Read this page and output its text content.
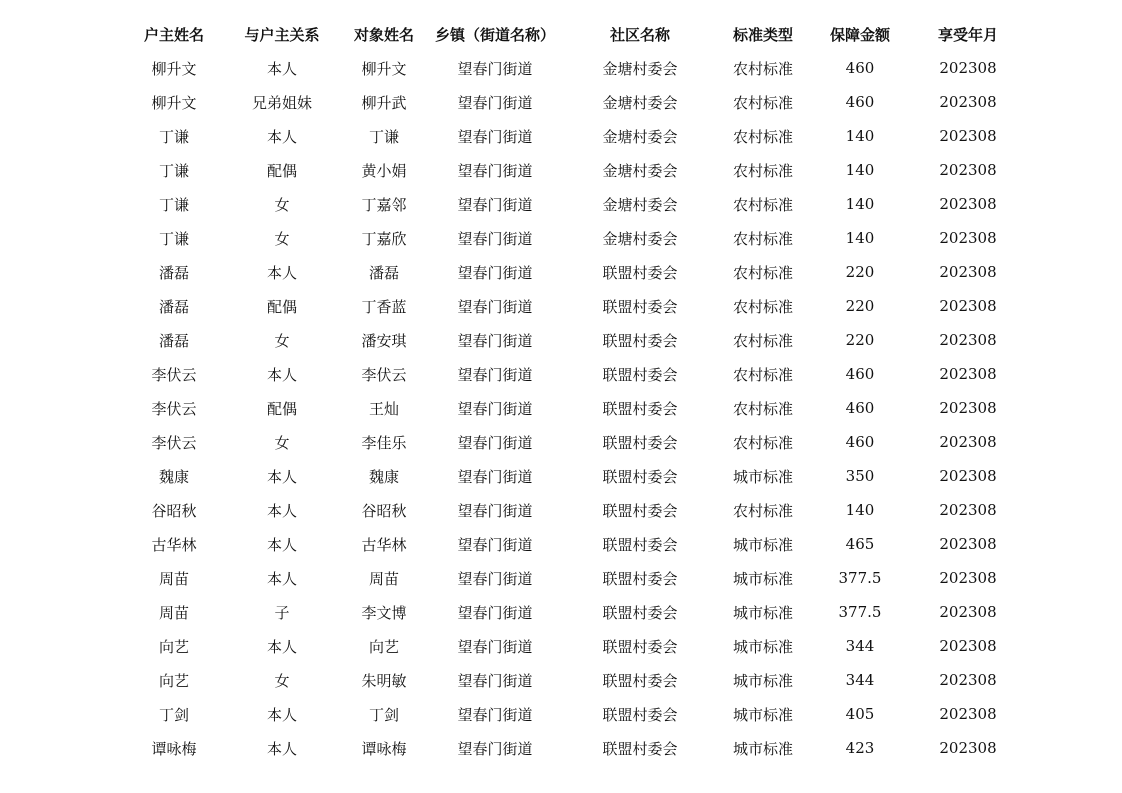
户主姓名	与户主关系	对象姓名	乡镇（街道名称）	社区名称	标准类型	保障金额	享受年月
柳升文	本人	柳升文	望春门街道	金塘村委会	农村标准	460	202308
柳升文	兄弟姐妹	柳升武	望春门街道	金塘村委会	农村标准	460	202308
丁谦	本人	丁谦	望春门街道	金塘村委会	农村标准	140	202308
丁谦	配偶	黄小娟	望春门街道	金塘村委会	农村标准	140	202308
丁谦	女	丁嘉邻	望春门街道	金塘村委会	农村标准	140	202308
丁谦	女	丁嘉欣	望春门街道	金塘村委会	农村标准	140	202308
潘磊	本人	潘磊	望春门街道	联盟村委会	农村标准	220	202308
潘磊	配偶	丁香蓝	望春门街道	联盟村委会	农村标准	220	202308
潘磊	女	潘安琪	望春门街道	联盟村委会	农村标准	220	202308
李伏云	本人	李伏云	望春门街道	联盟村委会	农村标准	460	202308
李伏云	配偶	王灿	望春门街道	联盟村委会	农村标准	460	202308
李伏云	女	李佳乐	望春门街道	联盟村委会	农村标准	460	202308
魏康	本人	魏康	望春门街道	联盟村委会	城市标准	350	202308
谷昭秋	本人	谷昭秋	望春门街道	联盟村委会	农村标准	140	202308
古华林	本人	古华林	望春门街道	联盟村委会	城市标准	465	202308
周苗	本人	周苗	望春门街道	联盟村委会	城市标准	377.5	202308
周苗	子	李文博	望春门街道	联盟村委会	城市标准	377.5	202308
向艺	本人	向艺	望春门街道	联盟村委会	城市标准	344	202308
向艺	女	朱明敏	望春门街道	联盟村委会	城市标准	344	202308
丁剑	本人	丁剑	望春门街道	联盟村委会	城市标准	405	202308
谭咏梅	本人	谭咏梅	望春门街道	联盟村委会	城市标准	423	202308
